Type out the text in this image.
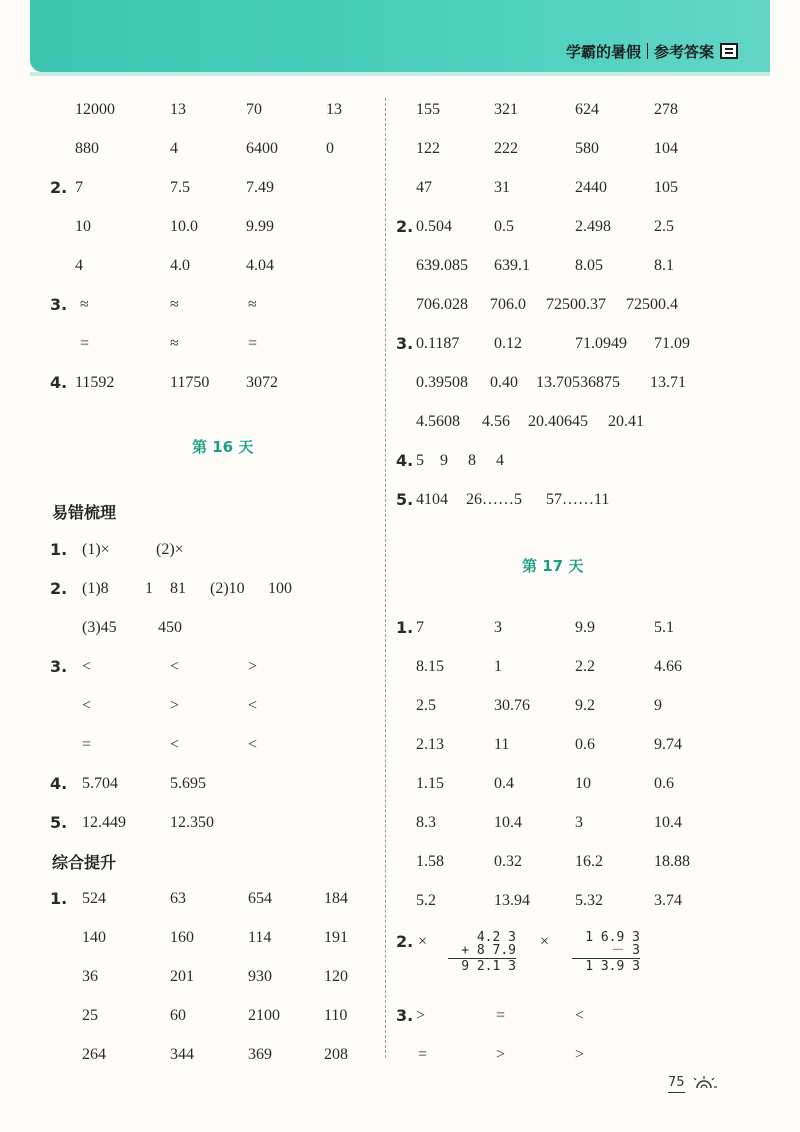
学霸的暑假 参考答案
12000	13	70	13
880	4	6400	0
2. 7	7.5	7.49
10	10.0	9.99
4	4.0	4.04
3. ≈	≈	≈
=	≈	=
4. 11592	11750 3072
第 16 天
易错梳理
1. (1)×	(2)×
2. (1)8 1 81 (2)10 100
(3)45	450
3. <	<	>
<	>	<
=	<	<
4. 5.704	5.695
5. 12.449	12.350
综合提升
1. 524	63	654	184
140	160	114	191
36	201	930	120
25	60	2100	110
264	344	369	208
155	321	624	278
122	222	580	104
47	31	2440	105
2. 0.504	0.5	2.498	2.5
639.085 639.1	8.05	8.1
706.028 706.0 72500.37 72500.4
3. 0.1187 0.12	71.0949 71.09
0.39508 0.40 13.70536875 13.71
4.5608 4.56 20.40645 20.41
4. 5 9 8 4
5. 4104 26……5 57……11
第 17 天
1. 7	3	9.9	5.1
8.15	1	2.2	4.66
2.5	30.76	9.2	9
2.13	11	0.6	9.74
1.15	0.4	10	0.6
8.3	10.4	3	10.4
1.58	0.32	16.2	18.88
5.2	13.94	5.32	3.74
2. ×	×
4.2 3
+ 8 7.9
9 2.1 3
1 6.9 3
－ 3
1 3.9 3
3. >	=	<
=	>	>
75
